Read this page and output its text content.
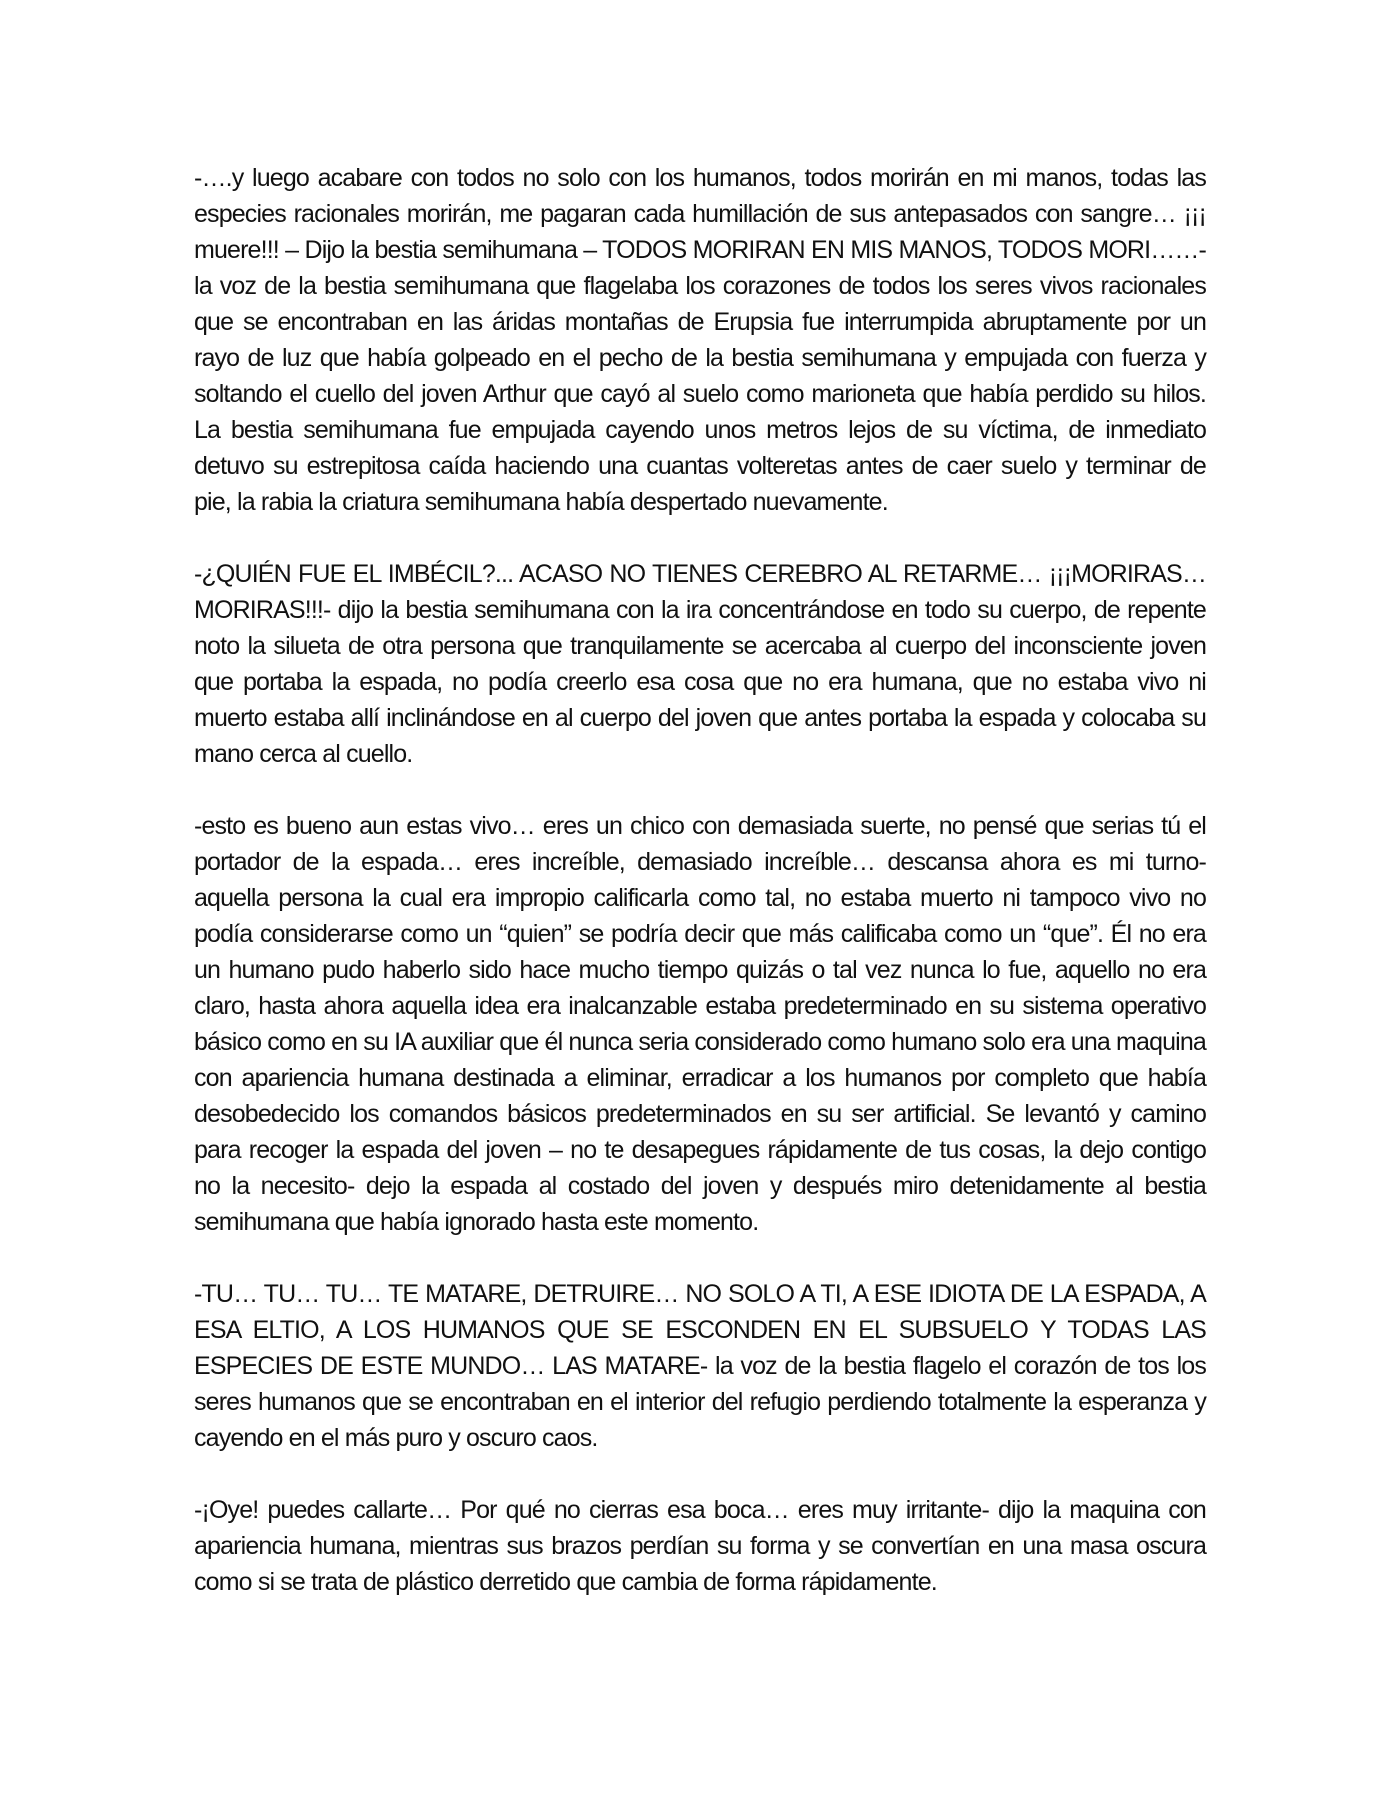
-….y luego acabare con todos no solo con los humanos, todos morirán en mi manos, todas las especies racionales morirán, me pagaran cada humillación de sus antepasados con sangre… ¡¡¡ muere!!! – Dijo la bestia semihumana – TODOS MORIRAN EN MIS MANOS, TODOS MORI……- la voz de la bestia semihumana que flagelaba los corazones de todos los seres vivos racionales que se encontraban en las áridas montañas de Erupsia fue interrumpida abruptamente por un rayo de luz que había golpeado en el pecho de la bestia semihumana y empujada con fuerza y soltando el cuello del joven Arthur que cayó al suelo como marioneta que había perdido su hilos. La bestia semihumana fue empujada cayendo unos metros lejos de su víctima, de inmediato detuvo su estrepitosa caída haciendo una cuantas volteretas antes de caer suelo y terminar de pie, la rabia la criatura semihumana había despertado nuevamente.

-¿QUIÉN FUE EL IMBÉCIL?... ACASO NO TIENES CEREBRO AL RETARME… ¡¡¡MORIRAS… MORIRAS!!!- dijo la bestia semihumana con la ira concentrándose en todo su cuerpo, de repente noto la silueta de otra persona que tranquilamente se acercaba al cuerpo del inconsciente joven que portaba la espada, no podía creerlo esa cosa que no era humana, que no estaba vivo ni muerto estaba allí inclinándose en al cuerpo del joven que antes portaba la espada y colocaba su mano cerca al cuello.

-esto es bueno aun estas vivo… eres un chico con demasiada suerte, no pensé que serias tú el portador de la espada… eres increíble, demasiado increíble… descansa ahora es mi turno- aquella persona la cual era impropio calificarla como tal, no estaba muerto ni tampoco vivo no podía considerarse como un “quien” se podría decir que más calificaba como un “que”. Él no era un humano pudo haberlo sido hace mucho tiempo quizás o tal vez nunca lo fue, aquello no era claro, hasta ahora aquella idea era inalcanzable estaba predeterminado en su sistema operativo básico como en su IA auxiliar que él nunca seria considerado como humano solo era una maquina con apariencia humana destinada a eliminar, erradicar a los humanos por completo que había desobedecido los comandos básicos predeterminados en su ser artificial. Se levantó y camino para recoger la espada del joven – no te desapegues rápidamente de tus cosas, la dejo contigo no la necesito- dejo la espada al costado del joven y después miro detenidamente al bestia semihumana que había ignorado hasta este momento.

-TU… TU… TU… TE MATARE, DETRUIRE… NO SOLO A TI, A ESE IDIOTA DE LA ESPADA, A ESA ELTIO, A LOS HUMANOS QUE SE ESCONDEN EN EL SUBSUELO Y TODAS LAS ESPECIES DE ESTE MUNDO… LAS MATARE- la voz de la bestia flagelo el corazón de tos los seres humanos que se encontraban en el interior del refugio perdiendo totalmente la esperanza y cayendo en el más puro y oscuro caos.

-¡Oye! puedes callarte… Por qué no cierras esa boca… eres muy irritante- dijo la maquina con apariencia humana, mientras sus brazos perdían su forma y se convertían en una masa oscura como si se trata de plástico derretido que cambia de forma rápidamente.
